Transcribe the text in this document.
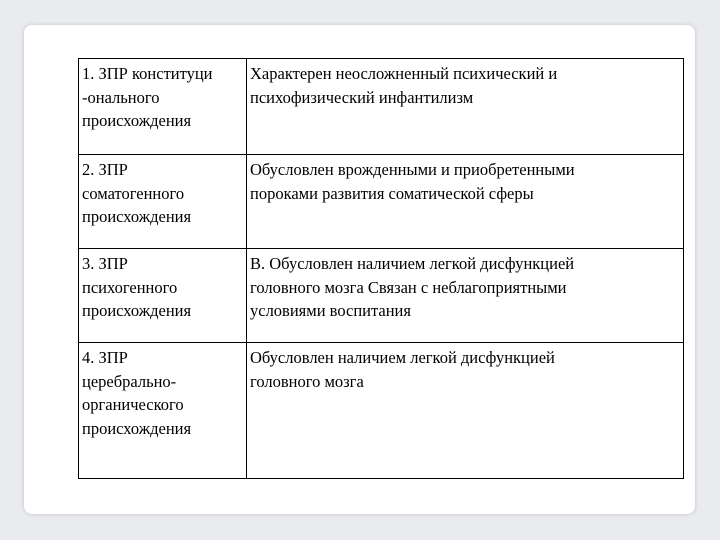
1. ЗПР конституци
-онального
происхождения	Характерен неосложненный психический и
психофизический инфантилизм
2. ЗПР
соматогенного
происхождения	Обусловлен врожденными и приобретенными
пороками развития соматической сферы
3. ЗПР
психогенного
происхождения	В. Обусловлен наличием легкой дисфункцией
головного мозга Связан с неблагоприятными
условиями воспитания
4. ЗПР
церебрально-
органического
происхождения	Обусловлен наличием легкой дисфункцией
головного мозга
